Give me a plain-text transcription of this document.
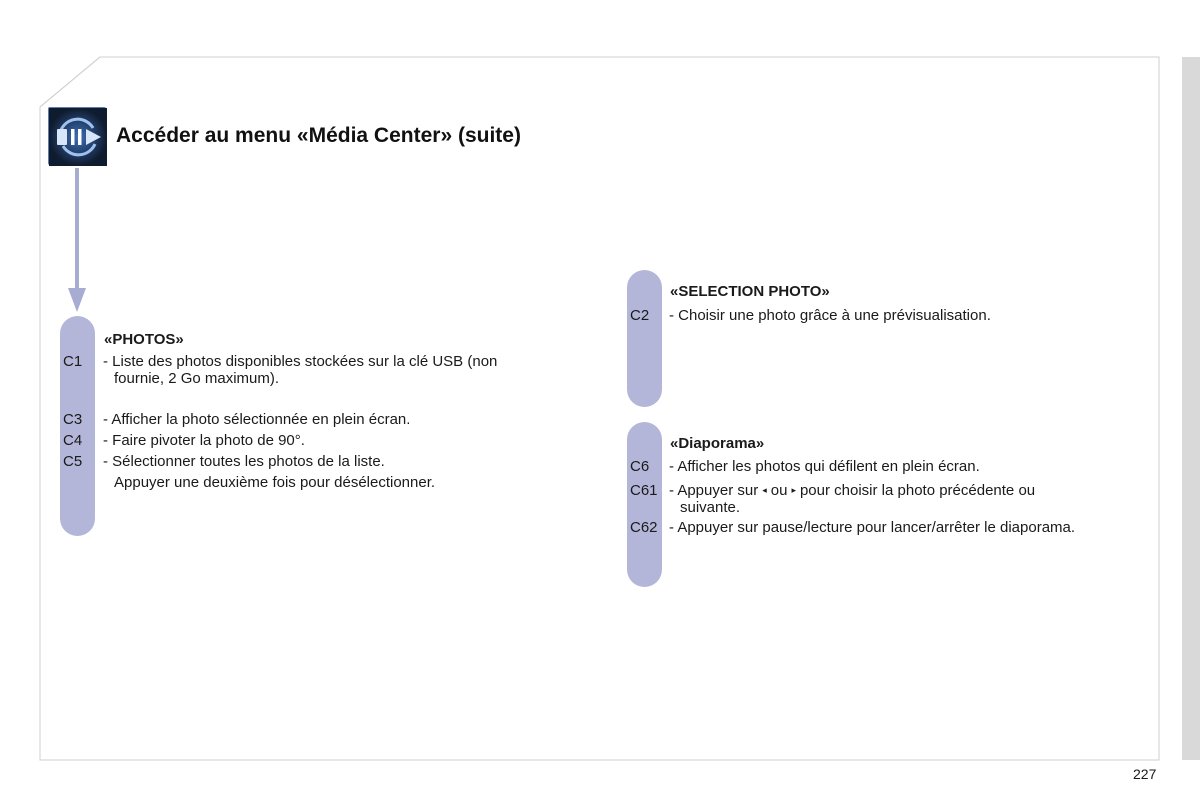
Accéder au menu «Média Center» (suite)
«PHOTOS»
C1 - Liste des photos disponibles stockées sur la clé USB (non
fournie, 2 Go maximum).
C3 - Afficher la photo sélectionnée en plein écran.
C4 - Faire pivoter la photo de 90°.
C5 - Sélectionner toutes les photos de la liste.
Appuyer une deuxième fois pour désélectionner.
«SELECTION PHOTO»
C2 - Choisir une photo grâce à une prévisualisation.
«Diaporama»
C6 - Afficher les photos qui défilent en plein écran.
C61 - Appuyer sur ◂ ou ▸ pour choisir la photo précédente ou
suivante.
C62 - Appuyer sur pause/lecture pour lancer/arrêter le diaporama.
227
